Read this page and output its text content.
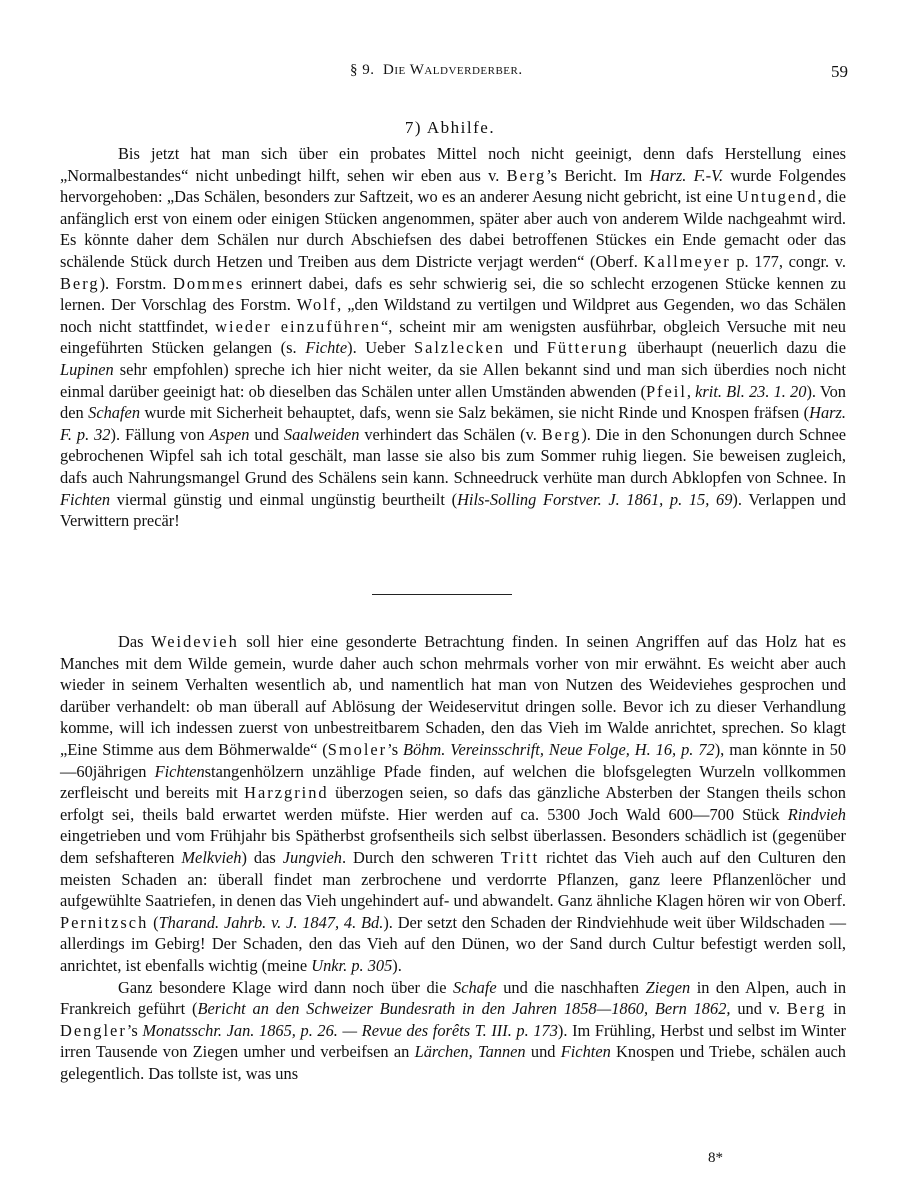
§ 9. Die Waldverderber.	59
7) Abhilfe.

Bis jetzt hat man sich über ein probates Mittel noch nicht geeinigt, denn dafs Herstellung eines „Normalbestandes“ nicht unbedingt hilft, sehen wir eben aus v. Berg’s Bericht. Im Harz. F.-V. wurde Folgendes hervorgehoben: „Das Schälen, besonders zur Saftzeit, wo es an anderer Aesung nicht gebricht, ist eine Untugend, die anfänglich erst von einem oder einigen Stücken angenommen, später aber auch von anderem Wilde nachgeahmt wird. Es könnte daher dem Schälen nur durch Abschiefsen des dabei betroffenen Stückes ein Ende gemacht oder das schälende Stück durch Hetzen und Treiben aus dem Districte verjagt werden“ (Oberf. Kallmeyer p. 177, congr. v. Berg). Forstm. Dommes erinnert dabei, dafs es sehr schwierig sei, die so schlecht erzogenen Stücke kennen zu lernen. Der Vorschlag des Forstm. Wolf, „den Wildstand zu vertilgen und Wildpret aus Gegenden, wo das Schälen noch nicht stattfindet, wieder einzuführen“, scheint mir am wenigsten ausführbar, obgleich Versuche mit neu eingeführten Stücken gelangen (s. Fichte). Ueber Salzlecken und Fütterung überhaupt (neuerlich dazu die Lupinen sehr empfohlen) spreche ich hier nicht weiter, da sie Allen bekannt sind und man sich überdies noch nicht einmal darüber geeinigt hat: ob dieselben das Schälen unter allen Umständen abwenden (Pfeil, krit. Bl. 23. 1. 20). Von den Schafen wurde mit Sicherheit behauptet, dafs, wenn sie Salz bekämen, sie nicht Rinde und Knospen fräfsen (Harz. F. p. 32). Fällung von Aspen und Saalweiden verhindert das Schälen (v. Berg). Die in den Schonungen durch Schnee gebrochenen Wipfel sah ich total geschält, man lasse sie also bis zum Sommer ruhig liegen. Sie beweisen zugleich, dafs auch Nahrungsmangel Grund des Schälens sein kann. Schneedruck verhüte man durch Abklopfen von Schnee. In Fichten viermal günstig und einmal ungünstig beurtheilt (Hils-Solling Forstver. J. 1861, p. 15, 69). Verlappen und Verwittern precär!

Das Weidevieh soll hier eine gesonderte Betrachtung finden. In seinen Angriffen auf das Holz hat es Manches mit dem Wilde gemein, wurde daher auch schon mehrmals vorher von mir erwähnt. Es weicht aber auch wieder in seinem Verhalten wesentlich ab, und namentlich hat man von Nutzen des Weideviehes gesprochen und darüber verhandelt: ob man überall auf Ablösung der Weideservitut dringen solle. Bevor ich zu dieser Verhandlung komme, will ich indessen zuerst von unbestreitbarem Schaden, den das Vieh im Walde anrichtet, sprechen. So klagt „Eine Stimme aus dem Böhmerwalde“ (Smoler’s Böhm. Vereinsschrift, Neue Folge, H. 16, p. 72), man könnte in 50—60jährigen Fichtenstangenhölzern unzählige Pfade finden, auf welchen die blofsgelegten Wurzeln vollkommen zerfleischt und bereits mit Harzgrind überzogen seien, so dafs das gänzliche Absterben der Stangen theils schon erfolgt sei, theils bald erwartet werden müfste. Hier werden auf ca. 5300 Joch Wald 600—700 Stück Rindvieh eingetrieben und vom Frühjahr bis Spätherbst grofsentheils sich selbst überlassen. Besonders schädlich ist (gegenüber dem sefshafteren Melkvieh) das Jungvieh. Durch den schweren Tritt richtet das Vieh auch auf den Culturen den meisten Schaden an: überall findet man zerbrochene und verdorrte Pflanzen, ganz leere Pflanzenlöcher und aufgewühlte Saatriefen, in denen das Vieh ungehindert auf- und abwandelt. Ganz ähnliche Klagen hören wir von Oberf. Pernitzsch (Tharand. Jahrb. v. J. 1847, 4. Bd.). Der setzt den Schaden der Rindviehhude weit über Wildschaden — allerdings im Gebirg! Der Schaden, den das Vieh auf den Dünen, wo der Sand durch Cultur befestigt werden soll, anrichtet, ist ebenfalls wichtig (meine Unkr. p. 305).

Ganz besondere Klage wird dann noch über die Schafe und die naschhaften Ziegen in den Alpen, auch in Frankreich geführt (Bericht an den Schweizer Bundesrath in den Jahren 1858—1860, Bern 1862, und v. Berg in Dengler’s Monatsschr. Jan. 1865, p. 26. — Revue des forêts T. III. p. 173). Im Frühling, Herbst und selbst im Winter irren Tausende von Ziegen umher und verbeifsen an Lärchen, Tannen und Fichten Knospen und Triebe, schälen auch gelegentlich. Das tollste ist, was uns

8*
